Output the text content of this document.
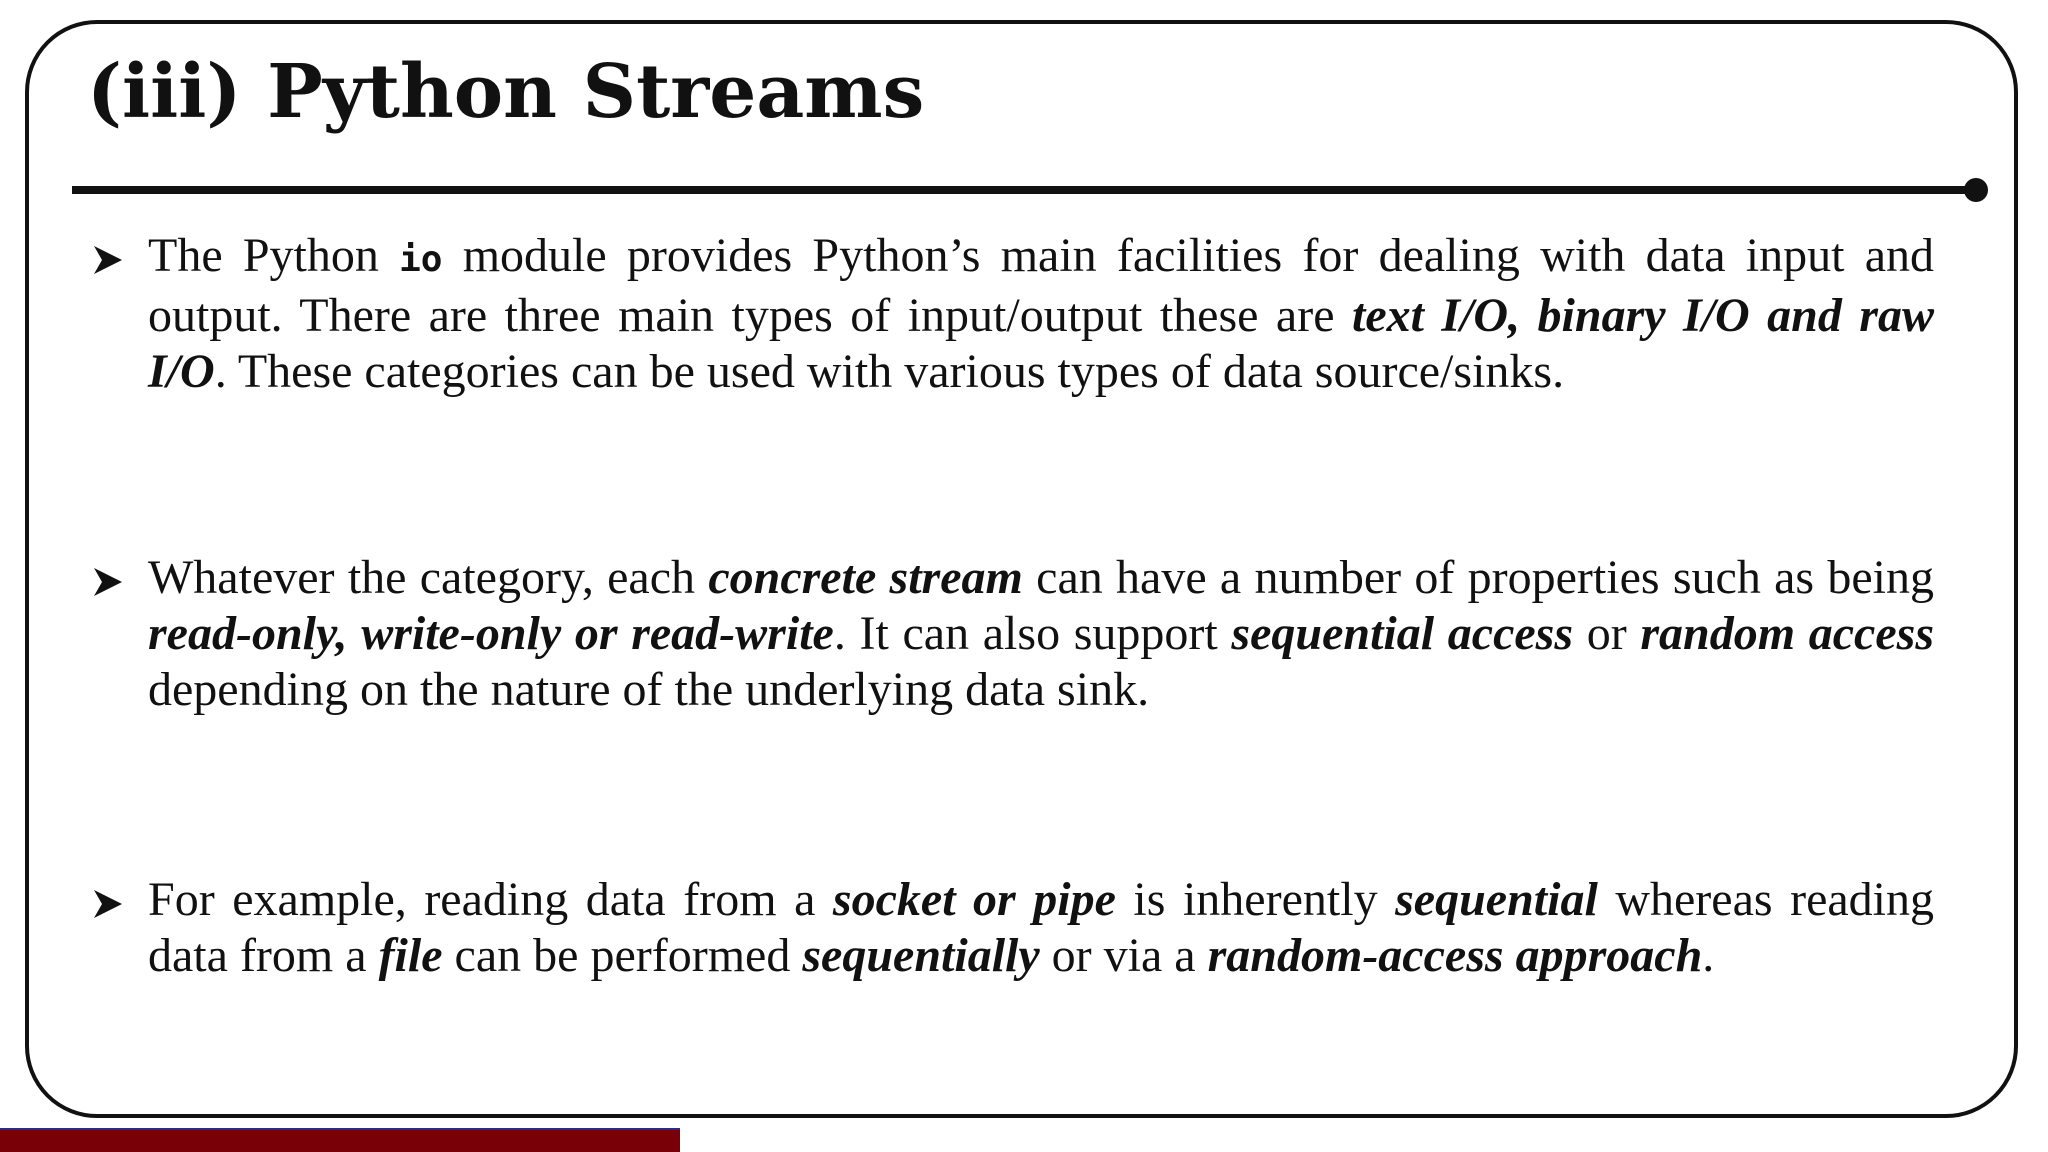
(iii) Python Streams

The Python io module provides Python’s main facilities for dealing with data input and output. There are three main types of input/output these are text I/O, binary I/O and raw I/O. These categories can be used with various types of data source/sinks.

Whatever the category, each concrete stream can have a number of properties such as being read-only, write-only or read-write. It can also support sequential access or random access depending on the nature of the underlying data sink.

For example, reading data from a socket or pipe is inherently sequential whereas reading data from a file can be performed sequentially or via a random-access approach.
